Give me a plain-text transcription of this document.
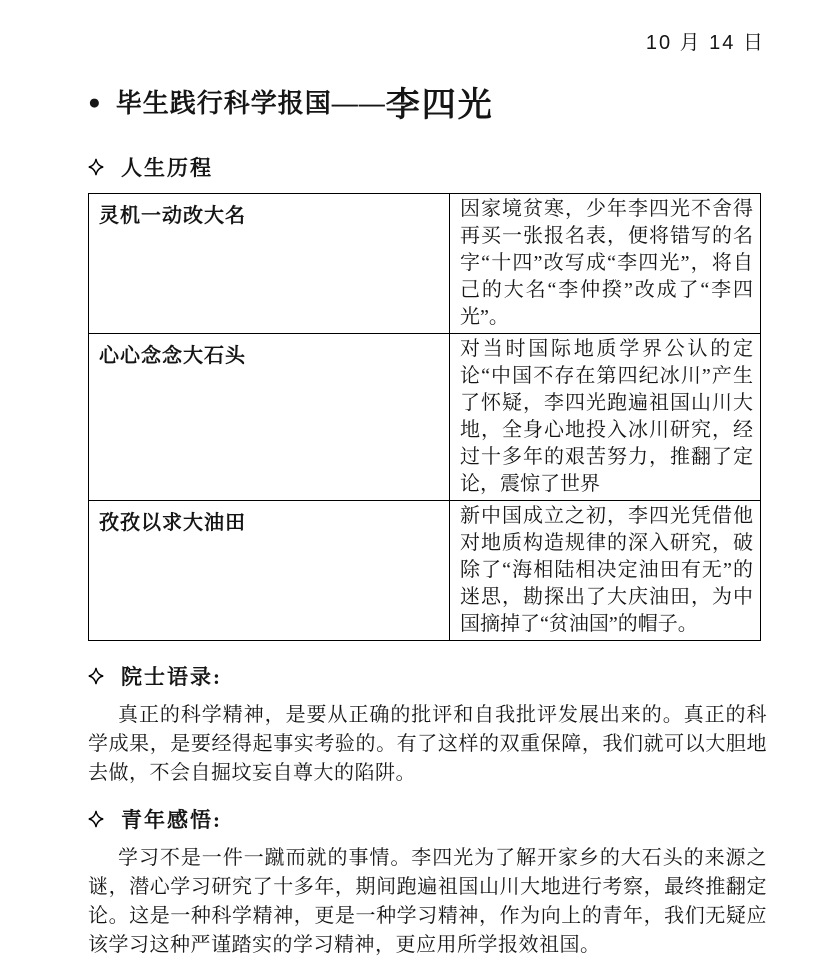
10 月 14 日
● 毕生践行科学报国—— 李四光
人生历程
灵机一动改大名	因家境贫寒，少年李四光不舍得再买一张报名表，便将错写的名字“十四”改写成“李四光”，将自己的大名“李仲揆”改成了“李四光”。
心心念念大石头	对当时国际地质学界公认的定论“中国不存在第四纪冰川”产生了怀疑，李四光跑遍祖国山川大地，全身心地投入冰川研究，经过十多年的艰苦努力，推翻了定论，震惊了世界
孜孜以求大油田	新中国成立之初，李四光凭借他对地质构造规律的深入研究，破除了“海相陆相决定油田有无”的迷思，勘探出了大庆油田，为中国摘掉了“贫油国”的帽子。
院士语录:

真正的科学精神，是要从正确的批评和自我批评发展出来的。真正的科学成果，是要经得起事实考验的。有了这样的双重保障，我们就可以大胆地去做，不会自掘坟妄自尊大的陷阱。

青年感悟:

学习不是一件一蹴而就的事情。李四光为了解开家乡的大石头的来源之谜，潜心学习研究了十多年，期间跑遍祖国山川大地进行考察，最终推翻定论。这是一种科学精神，更是一种学习精神，作为向上的青年，我们无疑应该学习这种严谨踏实的学习精神，更应用所学报效祖国。
